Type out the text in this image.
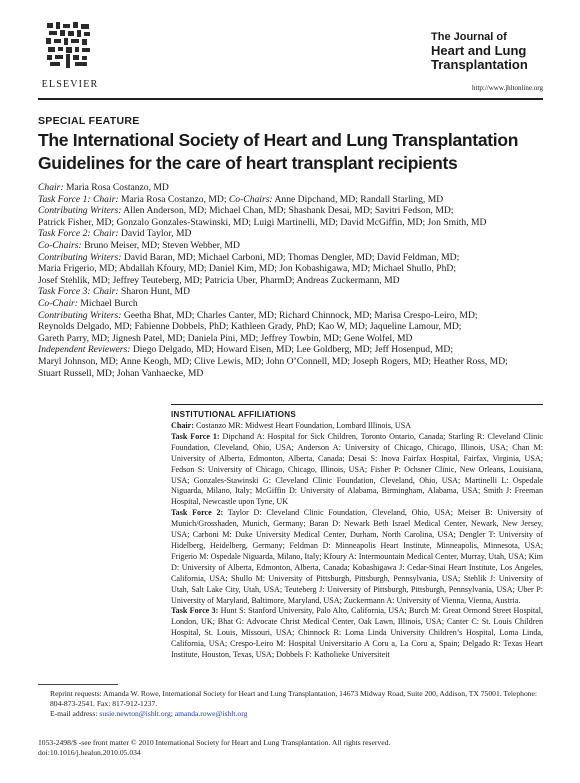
ELSEVIER
The Journal of
Heart and Lung
Transplantation
http://www.jhltonline.org
SPECIAL FEATURE
The International Society of Heart and Lung Transplantation Guidelines for the care of heart transplant recipients
Chair: Maria Rosa Costanzo, MD
Task Force 1: Chair: Maria Rosa Costanzo, MD; Co-Chairs: Anne Dipchand, MD; Randall Starling, MD
Contributing Writers: Allen Anderson, MD; Michael Chan, MD; Shashank Desai, MD; Savitri Fedson, MD;
Patrick Fisher, MD; Gonzalo Gonzales-Stawinski, MD; Luigi Martinelli, MD; David McGiffin, MD; Jon Smith, MD
Task Force 2: Chair: David Taylor, MD
Co-Chairs: Bruno Meiser, MD; Steven Webber, MD
Contributing Writers: David Baran, MD; Michael Carboni, MD; Thomas Dengler, MD; David Feldman, MD;
Maria Frigerio, MD; Abdallah Kfoury, MD; Daniel Kim, MD; Jon Kobashigawa, MD; Michael Shullo, PhD;
Josef Stehlik, MD; Jeffrey Teuteberg, MD; Patricia Uber, PharmD; Andreas Zuckermann, MD
Task Force 3: Chair: Sharon Hunt, MD
Co-Chair: Michael Burch
Contributing Writers: Geetha Bhat, MD; Charles Canter, MD; Richard Chinnock, MD; Marisa Crespo-Leiro, MD;
Reynolds Delgado, MD; Fabienne Dobbels, PhD; Kathleen Grady, PhD; Kao W, MD; Jaqueline Lamour, MD;
Gareth Parry, MD; Jignesh Patel, MD; Daniela Pini, MD; Jeffrey Towbin, MD; Gene Wolfel, MD
Independent Reviewers: Diego Delgado, MD; Howard Eisen, MD; Lee Goldberg, MD; Jeff Hosenpud, MD;
Maryl Johnson, MD; Anne Keogh, MD; Clive Lewis, MD; John O’Connell, MD; Joseph Rogers, MD; Heather Ross, MD;
Stuart Russell, MD; Johan Vanhaecke, MD
INSTITUTIONAL AFFILIATIONS
Chair: Costanzo MR: Midwest Heart Foundation, Lombard Illinois, USA
Task Force 1: Dipchand A: Hospital for Sick Children, Toronto Ontario, Canada; Starling R: Cleveland Clinic Foundation, Cleveland, Ohio, USA; Anderson A: University of Chicago, Chicago, Illinois, USA; Chan M: University of Alberta, Edmonton, Alberta, Canada; Desai S: Inova Fairfax Hospital, Fairfax, Virginia, USA; Fedson S: University of Chicago, Chicago, Illinois, USA; Fisher P: Ochsner Clinic, New Orleans, Louisiana, USA; Gonzales-Stawinski G: Cleveland Clinic Foundation, Cleveland, Ohio, USA; Martinelli L: Ospedale Niguarda, Milano, Italy; McGiffin D: University of Alabama, Birmingham, Alabama, USA; Smith J: Freeman Hospital, Newcastle upon Tyne, UK
Task Force 2: Taylor D: Cleveland Clinic Foundation, Cleveland, Ohio, USA; Meiser B: University of Munich/Grosshaden, Munich, Germany; Baran D: Newark Beth Israel Medical Center, Newark, New Jersey, USA; Carboni M: Duke University Medical Center, Durham, North Carolina, USA; Dengler T: University of Hidelberg, Heidelberg, Germany; Feldman D: Minneapolis Heart Institute, Minneapolis, Minnesota, USA; Frigerio M: Ospedale Niguarda, Milano, Italy; Kfoury A: Intermountain Medical Center, Murray, Utah, USA; Kim D: University of Alberta, Edmonton, Alberta, Canada; Kobashigawa J: Cedar-Sinai Heart Institute, Los Angeles, California, USA; Shullo M: University of Pittsburgh, Pittsburgh, Pennsylvania, USA; Stehlik J: University of Utah, Salt Lake City, Utah, USA; Teuteberg J: University of Pittsburgh, Pittsburgh, Pennsylvania, USA; Uber P: University of Maryland, Baltimore, Maryland, USA; Zuckermann A: University of Vienna, Vienna, Austria.
Task Force 3: Hunt S: Stanford University, Palo Alto, California, USA; Burch M: Great Ormond Street Hospital, London, UK; Bhat G: Advocate Christ Medical Center, Oak Lawn, Illinois, USA; Canter C: St. Louis Children Hospital, St. Louis, Missouri, USA; Chinnock R: Loma Linda University Children’s Hospital, Loma Linda, California, USA; Crespo-Leiro M: Hospital Universitario A Coru a, La Coru a, Spain; Delgado R: Texas Heart Institute, Houston, Texas, USA; Dobbels F: Katholieke Universiteit
Reprint requests: Amanda W. Rowe, International Society for Heart and Lung Transplantation, 14673 Midway Road, Suite 200, Addison, TX 75001. Telephone: 804-873-2541. Fax: 817-912-1237.
E-mail address: susie.newton@ishlt.org; amanda.rowe@ishlt.org
1053-2498/$ -see front matter © 2010 International Society for Heart and Lung Transplantation. All rights reserved.
doi:10.1016/j.healun.2010.05.034
